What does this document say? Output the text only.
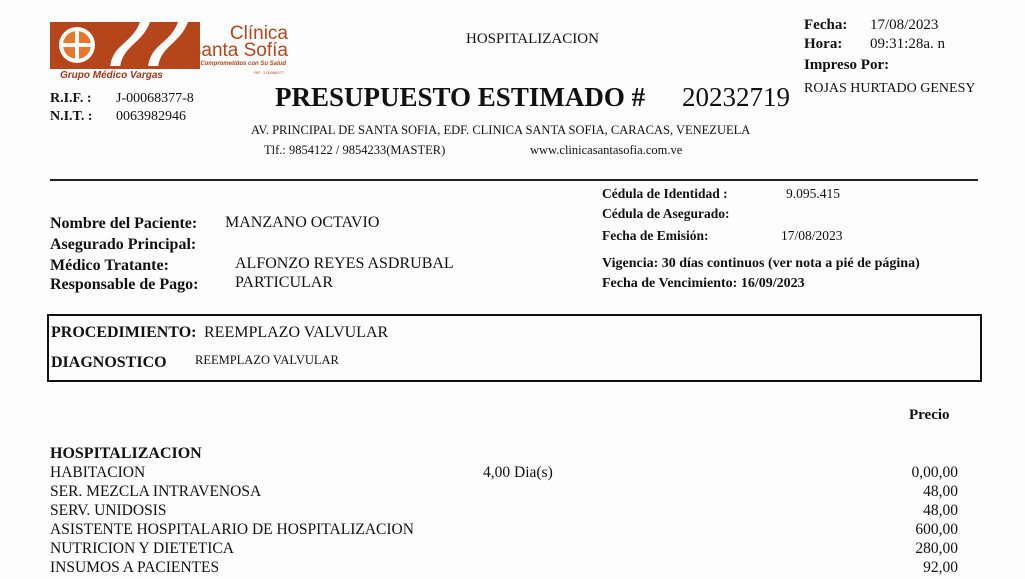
Clínica
Santa Sofía
Comprometidos con Su Salud
RIF: J-00068377
Grupo Médico Vargas
HOSPITALIZACION
Fecha: 17/08/2023
Hora: 09:31:28a. n
Impreso Por:
ROJAS HURTADO GENESY
R.I.F. : J-00068377-8
N.I.T. : 0063982946
PRESUPUESTO ESTIMADO # 20232719
AV. PRINCIPAL DE SANTA SOFIA, EDF. CLINICA SANTA SOFIA, CARACAS, VENEZUELA
Tlf.: 9854122 / 9854233(MASTER)	www.clinicasantasofia.com.ve
Cédula de Identidad :	9.095.415
Cédula de Asegurado:
Fecha de Emisión:	17/08/2023
Nombre del Paciente: MANZANO OCTAVIO
Asegurado Principal:
Médico Tratante:	ALFONZO REYES ASDRUBAL
Responsable de Pago: PARTICULAR
Vigencia: 30 días continuos (ver nota a pié de página)
Fecha de Vencimiento: 16/09/2023
PROCEDIMIENTO: REEMPLAZO VALVULAR
DIAGNOSTICO REEMPLAZO VALVULAR
Precio
HOSPITALIZACION
HABITACION	4,00 Dia(s)	0,00,00
SER. MEZCLA INTRAVENOSA	48,00
SERV. UNIDOSIS	48,00
ASISTENTE HOSPITALARIO DE HOSPITALIZACION	600,00
NUTRICION Y DIETETICA	280,00
INSUMOS A PACIENTES	92,00
